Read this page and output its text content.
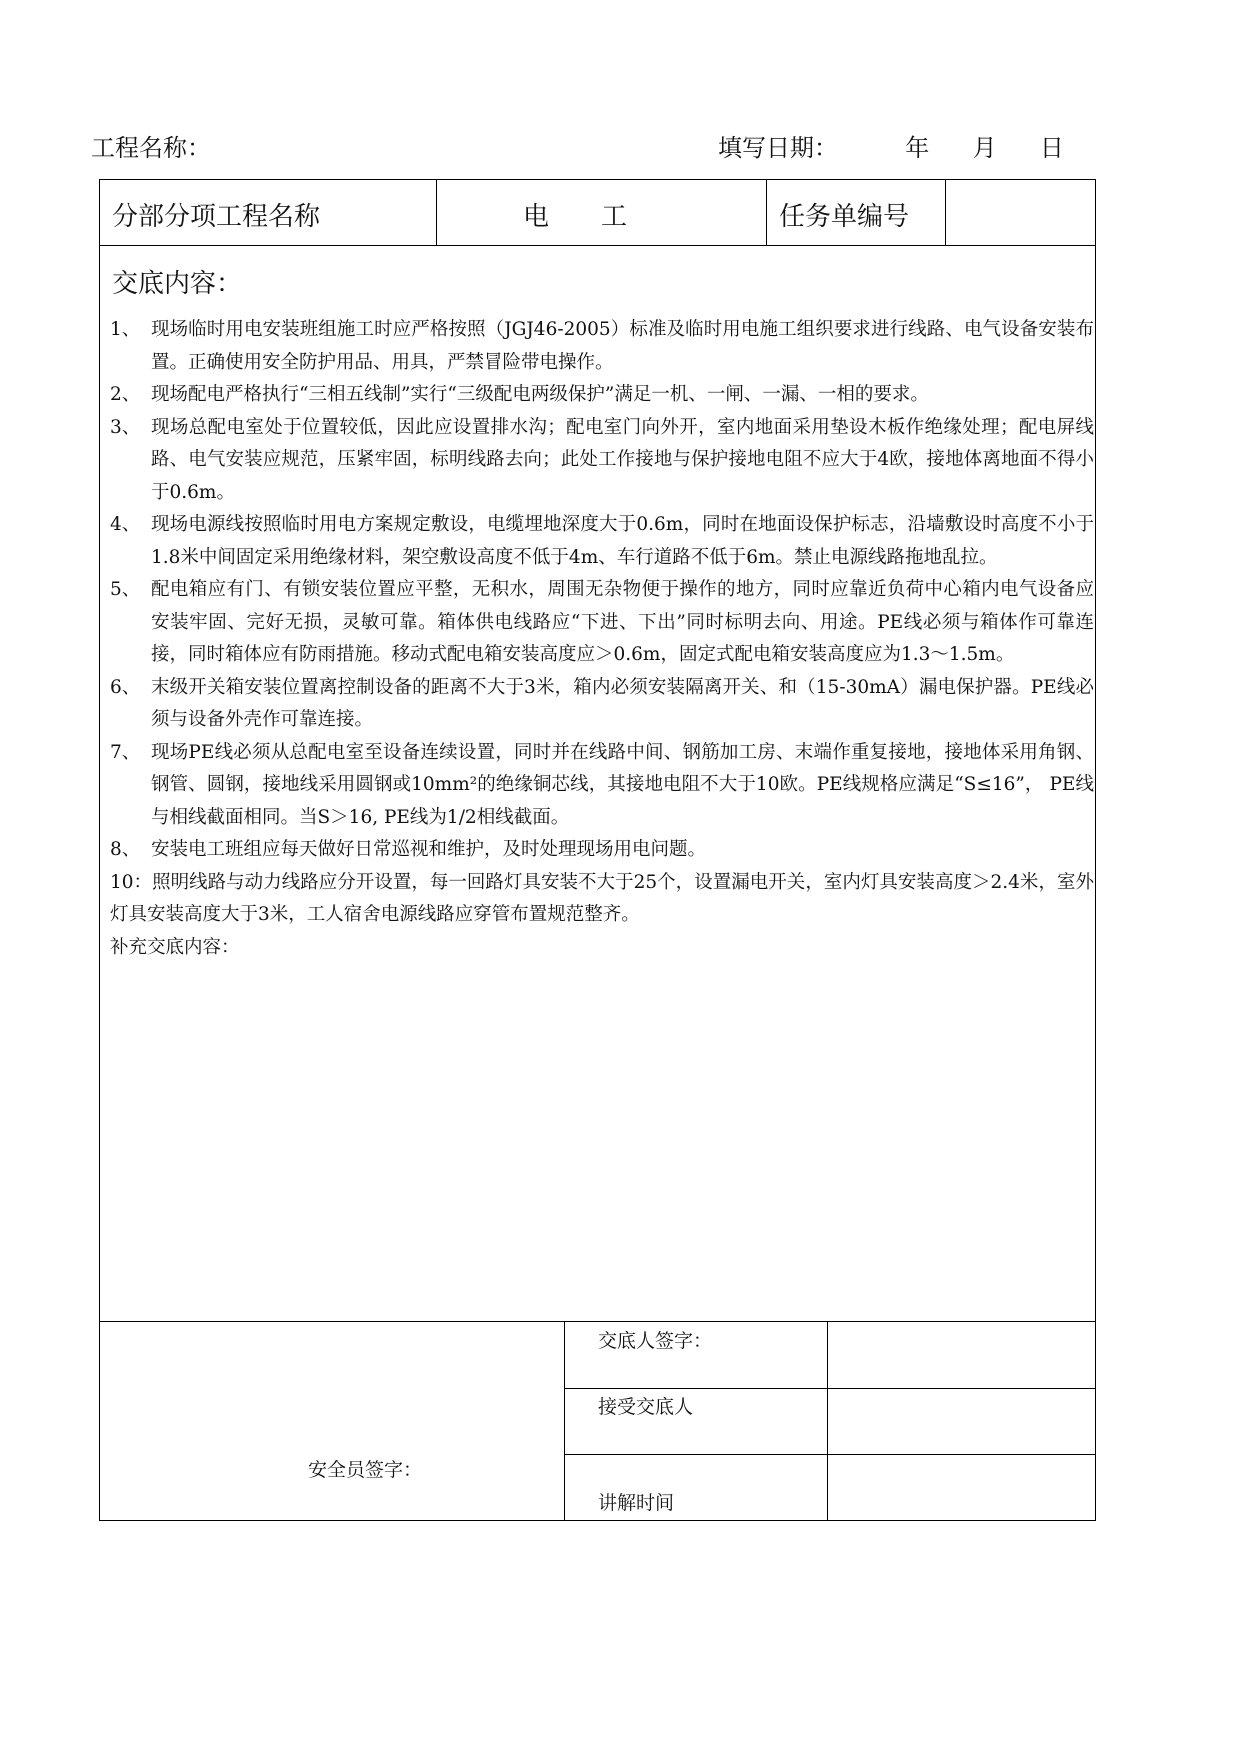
工程名称：	填写日期：	年 月 日
分部分项工程名称	电　　工	任务单编号
交底内容：
1、 现场临时用电安装班组施工时应严格按照（JGJ46-2005）标准及临时用电施工组织要求进行线路、电气设备安装布置。正确使用安全防护用品、用具，严禁冒险带电操作。
2、 现场配电严格执行“三相五线制”实行“三级配电两级保护”满足一机、一闸、一漏、一相的要求。
3、 现场总配电室处于位置较低，因此应设置排水沟；配电室门向外开，室内地面采用垫设木板作绝缘处理；配电屏线路、电气安装应规范，压紧牢固，标明线路去向；此处工作接地与保护接地电阻不应大于4欧，接地体离地面不得小于0.6m。
4、 现场电源线按照临时用电方案规定敷设，电缆埋地深度大于0.6m，同时在地面设保护标志，沿墙敷设时高度不小于1.8米中间固定采用绝缘材料，架空敷设高度不低于4m、车行道路不低于6m。禁止电源线路拖地乱拉。
5、 配电箱应有门、有锁安装位置应平整，无积水，周围无杂物便于操作的地方，同时应靠近负荷中心箱内电气设备应安装牢固、完好无损，灵敏可靠。箱体供电线路应“下进、下出”同时标明去向、用途。PE线必须与箱体作可靠连接，同时箱体应有防雨措施。移动式配电箱安装高度应＞0.6m，固定式配电箱安装高度应为1.3～1.5m。
6、 末级开关箱安装位置离控制设备的距离不大于3米，箱内必须安装隔离开关、和（15-30mA）漏电保护器。PE线必须与设备外壳作可靠连接。
7、 现场PE线必须从总配电室至设备连续设置，同时并在线路中间、钢筋加工房、末端作重复接地，接地体采用角钢、钢管、圆钢，接地线采用圆钢或10mm²的绝缘铜芯线，其接地电阻不大于10欧。PE线规格应满足“S≤16”， PE线与相线截面相同。当S＞16, PE线为1/2相线截面。
8、 安装电工班组应每天做好日常巡视和维护，及时处理现场用电问题。
10：照明线路与动力线路应分开设置，每一回路灯具安装不大于25个，设置漏电开关，室内灯具安装高度＞2.4米，室外灯具安装高度大于3米，工人宿舍电源线路应穿管布置规范整齐。
补充交底内容：
安全员签字：
交底人签字：
接受交底人
讲解时间
